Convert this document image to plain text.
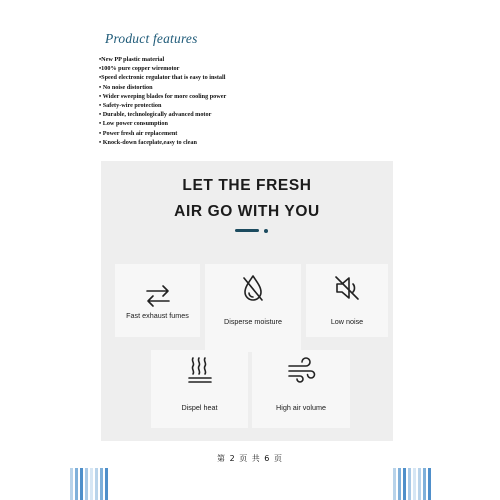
Product features
•New PP plastic material
•100% pure copper wiremotor
•Speed electronic regulator that is easy to install
• No noise distortion
• Wider sweeping blades for more cooling power
• Safety-wire protection
• Durable, technologically advanced motor
• Low power consumption
• Power fresh air replacement
• Knock-down faceplate,easy to clean
LET THE FRESH
AIR GO WITH YOU
Fast exhaust fumes
Disperse moisture	Low noise
Dispel heat	High air volume
第 2 页 共 6 页
